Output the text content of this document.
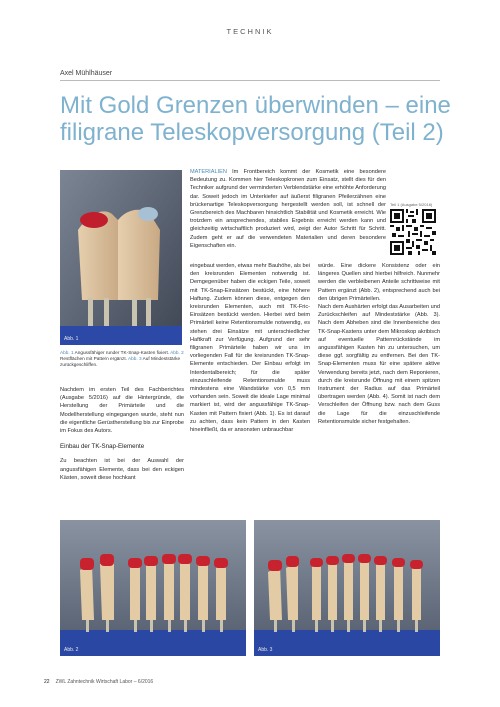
TECHNIK
Axel Mühlhäuser
Mit Gold Grenzen überwinden – eine
filigrane Teleskopversorgung (Teil 2)
Abb. 1
Abb. 1 Angussfähiger runder TK-Snap-Kasten fixiert. Abb. 2 Restflächen mit Pattern ergänzt. Abb. 3 Auf Mindeststärke zurückgeschliffen.
MATERIALIEN Im Frontbereich kommt der Kosmetik eine besondere Bedeutung zu. Kommen hier Teleskopkronen zum Einsatz, stellt dies für den Techniker aufgrund der verminderten Verblendstärke eine erhöhte Anforderung dar. Soweit jedoch im Unterkiefer auf äußerst filigranen Pfeilerzähnen eine brückenartige Teleskopversorgung hergestellt werden soll, ist schnell der Grenzbereich des Machbaren hinsichtlich Stabilität und Kosmetik erreicht. Wie trotzdem ein ansprechendes, stabiles Ergebnis erreicht werden kann und gleichzeitig wirtschaftlich produziert wird, zeigt der Autor Schritt für Schritt. Zudem geht er auf die verwendeten Materialien und deren besondere Eigenschaften ein.
Teil 1 (Ausgabe 5/2016)

Nachdem im ersten Teil des Fachberichtes (Ausgabe 5/2016) auf die Hintergründe, die Herstellung der Primärteile und die Modellherstellung eingegangen wurde, steht nun die eigentliche Gerüstherstellung bis zur Einprobe im Fokus des Autors.

Einbau der TK-Snap-Elemente

Zu beachten ist bei der Auswahl der angussfähigen Elemente, dass bei den eckigen Kästen, soweit diese hochkant

eingebaut werden, etwas mehr Bauhöhe, als bei den kreisrunden Elementen notwendig ist. Demgegenüber haben die eckigen Teile, soweit mit TK-Snap-Einsätzen bestückt, eine höhere Haftung. Zudem können diese, entgegen den kreisrunden Elementen, auch mit TK-Fric-Einsätzen bestückt werden. Hierbei wird beim Primärteil keine Retentionsmulde notwendig, es stehen drei Einsätze mit unterschiedlicher Haftkraft zur Verfügung. Aufgrund der sehr filigranen Primärteile haben wir uns im vorliegenden Fall für die kreisrunden TK-Snap-Elemente entschieden. Der Einbau erfolgt im Interdentalbereich; für die später einzuschleifende Retentionsmulde muss mindestens eine Wandstärke von 0,5 mm vorhanden sein. Soweit die ideale Lage minimal markiert ist, wird der angussfähige TK-Snap-Kasten mit Pattern fixiert (Abb. 1). Es ist darauf zu achten, dass kein Pattern in den Kasten hineinfließt, da er ansonsten unbrauchbar

würde. Eine dickere Konsistenz oder ein längeres Quellen sind hierbei hilfreich. Nunmehr werden die verbleibenen Anteile schrittweise mit Pattern ergänzt (Abb. 2), entsprechend auch bei den übrigen Primärteilen.

Nach dem Aushärten erfolgt das Ausarbeiten und Zurückschleifen auf Mindeststärke (Abb. 3). Nach dem Abheben sind die Innenbereiche des TK-Snap-Kastens unter dem Mikroskop akribisch auf eventuelle Patternrückstände im angussfähigen Kasten hin zu untersuchen, um diese ggf. sorgfältig zu entfernen. Bei den TK-Snap-Elementen muss für eine spätere aktive Verwendung bereits jetzt, nach dem Reponieren, durch die kreisrunde Öffnung mit einem spitzen Instrument der Radius auf das Primärteil übertragen werden (Abb. 4). Somit ist nach dem Verschleifen der Öffnung bzw. nach dem Guss die Lage für die einzuschleifende Retentionsmulde sicher festgehalten.

Abb. 2	Abb. 3
22 ZWL Zahntechnik Wirtschaft Labor – 6/2016
